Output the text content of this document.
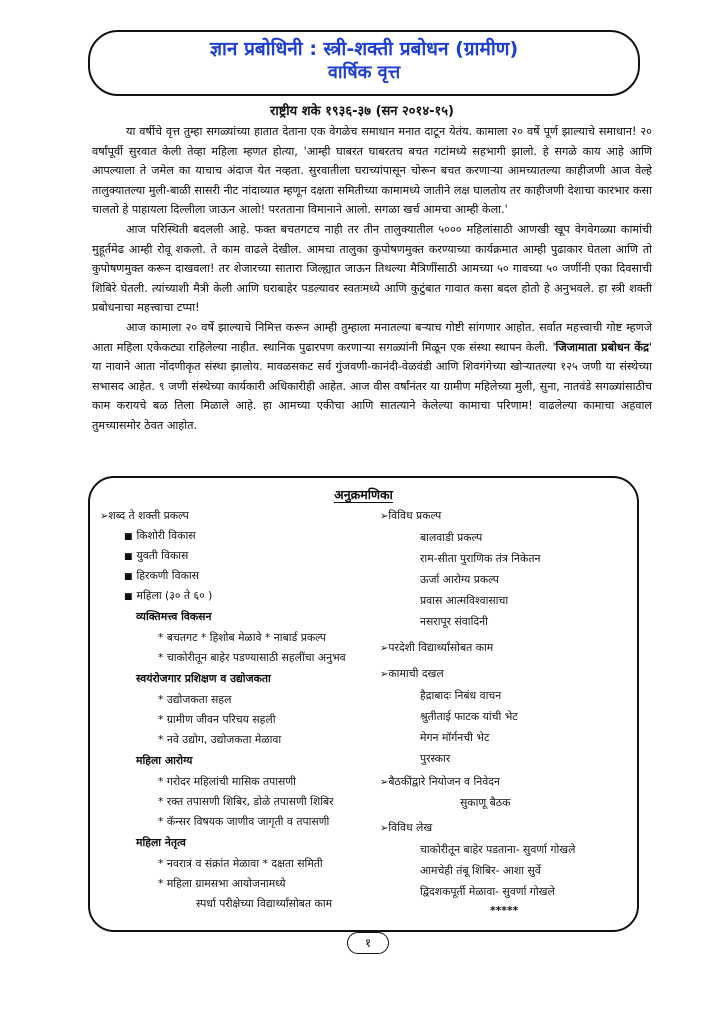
ज्ञान प्रबोधिनी : स्त्री-शक्ती प्रबोधन (ग्रामीण)
वार्षिक वृत्त
राष्ट्रीय शके १९३६-३७ (सन २०१४-१५)

या वर्षीचे वृत्त तुम्हा सगळ्यांच्या हातात देताना एक वेगळेच समाधान मनात दाटून येतंय. कामाला २० वर्षे पूर्ण झाल्याचे समाधान! २० वर्षांपूर्वी सुरवात केली तेव्हा महिला म्हणत होत्या, 'आम्ही घाबरत घाबरतच बचत गटांमध्ये सहभागी झालो. हे सगळे काय आहे आणि आपल्याला ते जमेल का याचाच अंदाज येत नव्हता. सुरवातीला घराच्यांपासून चोरून बचत करणाऱ्या आमच्यातल्या काहीजणी आज वेल्हे तालुक्यातल्या मुली-बाळी सासरी नीट नांदाव्यात म्हणून दक्षता समितीच्या कामामध्ये जातीने लक्ष घालतोय तर काहीजणी देशाचा कारभार कसा चालतो हे पाहायला दिल्लीला जाऊन आलो! परतताना विमानाने आलो. सगळा खर्च आमचा आम्ही केला.'

आज परिस्थिती बदलली आहे. फक्त बचतगटच नाही तर तीन तालुक्यातील ५००० महिलांसाठी आणखी खूप वेगवेगळ्या कामांची मुहूर्तमेढ आम्ही रोवू शकलो. ते काम वाढले देखील. आमचा तालुका कुपोषणमुक्त करण्याच्या कार्यक्रमात आम्ही पुढाकार घेतला आणि तो कुपोषणमुक्त करून दाखवला! तर शेजारच्या सातारा जिल्ह्यात जाऊन तिथल्या मैत्रिणींसाठी आमच्या ५० गावच्या ५० जणींनी एका दिवसाची शिबिरे घेतली. त्यांच्याशी मैत्री केली आणि घराबाहेर पडल्यावर स्वतःमध्ये आणि कुटुंबात गावात कसा बदल होतो हे अनुभवले. हा स्त्री शक्ती प्रबोधनाचा महत्त्वाचा टप्पा!

आज कामाला २० वर्षे झाल्याचे निमित्त करून आम्ही तुम्हाला मनातल्या बऱ्याच गोष्टी सांगणार आहोत. सर्वात महत्त्वाची गोष्ट म्हणजे आता महिला एकेकट्या राहिलेल्या नाहीत. स्थानिक पुढारपण करणाऱ्या सगळ्यांनी मिळून एक संस्था स्थापन केली. 'जिजामाता प्रबोधन केंद्र' या नावाने आता नोंदणीकृत संस्था झालोय. मावळसकट सर्व गुंजवणी-कानंदी-वेळवंडी आणि शिवगंगेच्या खोऱ्यातल्या १२५ जणी या संस्थेच्या सभासद आहेत. ९ जणी संस्थेच्या कार्यकारी अधिकारीही आहेत. आज वीस वर्षांनंतर या ग्रामीण महिलेच्या मुली, सुना, नातवंडे सगळ्यांसाठीच काम करायचे बळ तिला मिळाले आहे. हा आमच्या एकीचा आणि सातत्याने केलेल्या कामाचा परिणाम! वाढलेल्या कामाचा अहवाल तुमच्यासमोर ठेवत आहोत.

अनुक्रमणिका
➢शब्द ते शक्ती प्रकल्प
■ किशोरी विकास
■ युवती विकास
■ हिरकणी विकास
■ महिला (३० ते ६० )
व्यक्तिमत्त्व विकसन
* बचतगट * हिशोब मेळावे * नाबार्ड प्रकल्प
* चाकोरीतून बाहेर पडण्यासाठी सहलींचा अनुभव
स्वयंरोजगार प्रशिक्षण व उद्योजकता
* उद्योजकता सहल
* ग्रामीण जीवन परिचय सहली
* नवे उद्योग, उद्योजकता मेळावा
महिला आरोग्य
* गरोदर महिलांची मासिक तपासणी
* रक्त तपासणी शिबिर, डोळे तपासणी शिबिर
* कॅन्सर विषयक जाणीव जागृती व तपासणी
महिला नेतृत्व
* नवरात्र व संक्रांत मेळावा * दक्षता समिती
* महिला ग्रामसभा आयोजनामध्ये
स्पर्धा परीक्षेच्या विद्यार्थ्यांसोबत काम
➢विविध प्रकल्प
बालवाडी प्रकल्प
राम-सीता पुराणिक तंत्र निकेतन
ऊर्जा आरोग्य प्रकल्प
प्रवास आत्मविश्वासाचा
नसरापूर संवादिनी
➢परदेशी विद्यार्थ्यांसोबत काम
➢कामाची दखल
हैद्राबादः निबंध वाचन
श्रुतीताई फाटक यांची भेट
मेगन मॉर्गनची भेट
पुरस्कार
➢बैठकींद्वारे नियोजन व निवेदन
सुकाणू बैठक
➢विविध लेख
चाकोरीतून बाहेर पडताना- सुवर्णा गोखले
आमचेही तंबू शिबिर- आशा सुर्वे
द्विदशकपूर्ती मेळावा- सुवर्णा गोखले
*****
१
